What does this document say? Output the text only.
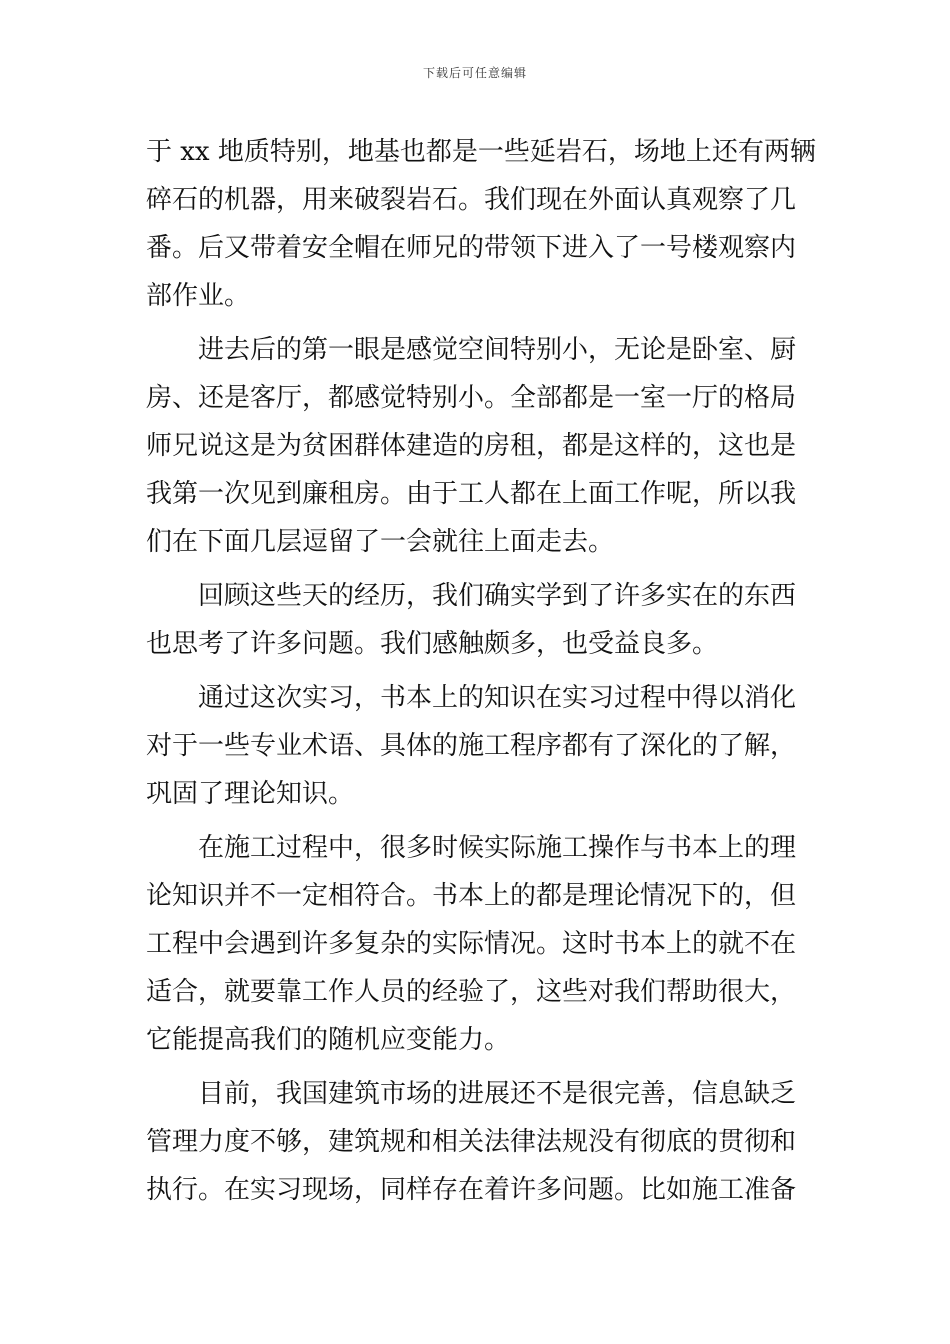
下载后可任意编辑
于 xx 地质特别，地基也都是一些延岩石，场地上还有两辆
碎石的机器，用来破裂岩石。我们现在外面认真观察了几
番。后又带着安全帽在师兄的带领下进入了一号楼观察内
部作业。
　　进去后的第一眼是感觉空间特别小，无论是卧室、厨
房、还是客厅，都感觉特别小。全部都是一室一厅的格局
师兄说这是为贫困群体建造的房租，都是这样的，这也是
我第一次见到廉租房。由于工人都在上面工作呢，所以我
们在下面几层逗留了一会就往上面走去。
　　回顾这些天的经历，我们确实学到了许多实在的东西
也思考了许多问题。我们感触颇多，也受益良多。
　　通过这次实习，书本上的知识在实习过程中得以消化
对于一些专业术语、具体的施工程序都有了深化的了解，
巩固了理论知识。
　　在施工过程中，很多时候实际施工操作与书本上的理
论知识并不一定相符合。书本上的都是理论情况下的，但
工程中会遇到许多复杂的实际情况。这时书本上的就不在
适合，就要靠工作人员的经验了，这些对我们帮助很大，
它能提高我们的随机应变能力。
　　目前，我国建筑市场的进展还不是很完善，信息缺乏
管理力度不够，建筑规和相关法律法规没有彻底的贯彻和
执行。在实习现场，同样存在着许多问题。比如施工准备
